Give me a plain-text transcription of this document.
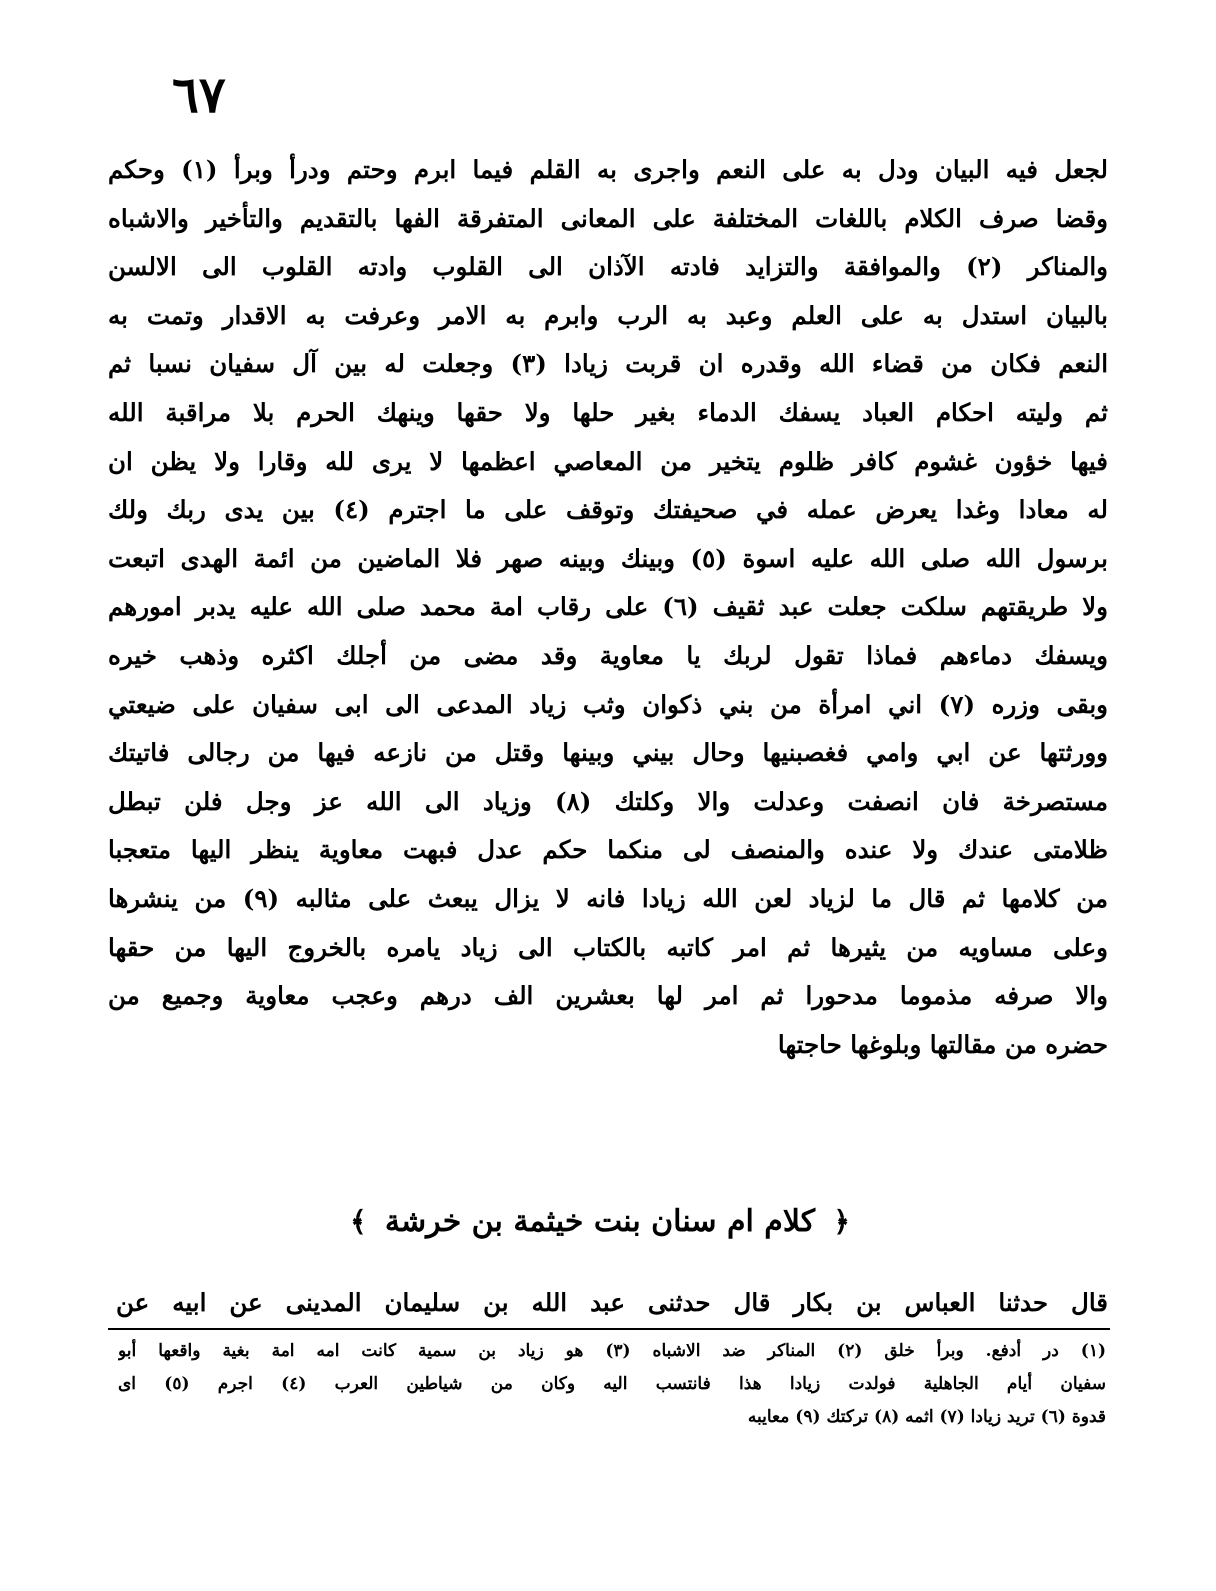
٦٧
لجعل فيه البيان ودل به على النعم واجرى به القلم فيما ابرم وحتم ودرأ وبرأ (١) وحكم
وقضا صرف الكلام باللغات المختلفة على المعانى المتفرقة الفها بالتقديم والتأخير والاشباه
والمناكر (٢) والموافقة والتزايد فادته الآذان الى القلوب وادته القلوب الى الالسن
بالبيان استدل به على العلم وعبد به الرب وابرم به الامر وعرفت به الاقدار وتمت به
النعم فكان من قضاء الله وقدره ان قربت زيادا (٣) وجعلت له بين آل سفيان نسبا ثم
ثم وليته احكام العباد يسفك الدماء بغير حلها ولا حقها وينهك الحرم بلا مراقبة الله
فيها خؤون غشوم كافر ظلوم يتخير من المعاصي اعظمها لا يرى لله وقارا ولا يظن ان
له معادا وغدا يعرض عمله في صحيفتك وتوقف على ما اجترم (٤) بين يدى ربك ولك
برسول الله صلى الله عليه اسوة (٥) وبينك وبينه صهر فلا الماضين من ائمة الهدى اتبعت
ولا طريقتهم سلكت جعلت عبد ثقيف (٦) على رقاب امة محمد صلى الله عليه يدبر امورهم
ويسفك دماءهم فماذا تقول لربك يا معاوية وقد مضى من أجلك اكثره وذهب خيره
وبقى وزره (٧) اني امرأة من بني ذكوان وثب زياد المدعى الى ابى سفيان على ضيعتي
وورثتها عن ابي وامي فغصبنيها وحال بيني وبينها وقتل من نازعه فيها من رجالى فاتيتك
مستصرخة فان انصفت وعدلت والا وكلتك (٨) وزياد الى الله عز وجل فلن تبطل
ظلامتى عندك ولا عنده والمنصف لى منكما حكم عدل فبهت معاوية ينظر اليها متعجبا
من كلامها ثم قال ما لزياد لعن الله زيادا فانه لا يزال يبعث على مثالبه (٩) من ينشرها
وعلى مساويه من يثيرها ثم امر كاتبه بالكتاب الى زياد يامره بالخروج اليها من حقها
والا صرفه مذموما مدحورا ثم امر لها بعشرين الف درهم وعجب معاوية وجميع من
حضره من مقالتها وبلوغها حاجتها
﴿ كلام ام سنان بنت خيثمة بن خرشة ﴾
قال حدثنا العباس بن بكار قال حدثنى عبد الله بن سليمان المدينى عن ابيه عن
(١) در أدفع. وبرأ خلق (٢) المناكر ضد الاشباه (٣) هو زياد بن سمية كانت امه امة بغية واقعها أبو
سفيان أيام الجاهلية فولدت زيادا هذا فانتسب اليه وكان من شياطين العرب (٤) اجرم (٥) اى
قدوة (٦) تريد زيادا (٧) اثمه (٨) تركتك (٩) معايبه
